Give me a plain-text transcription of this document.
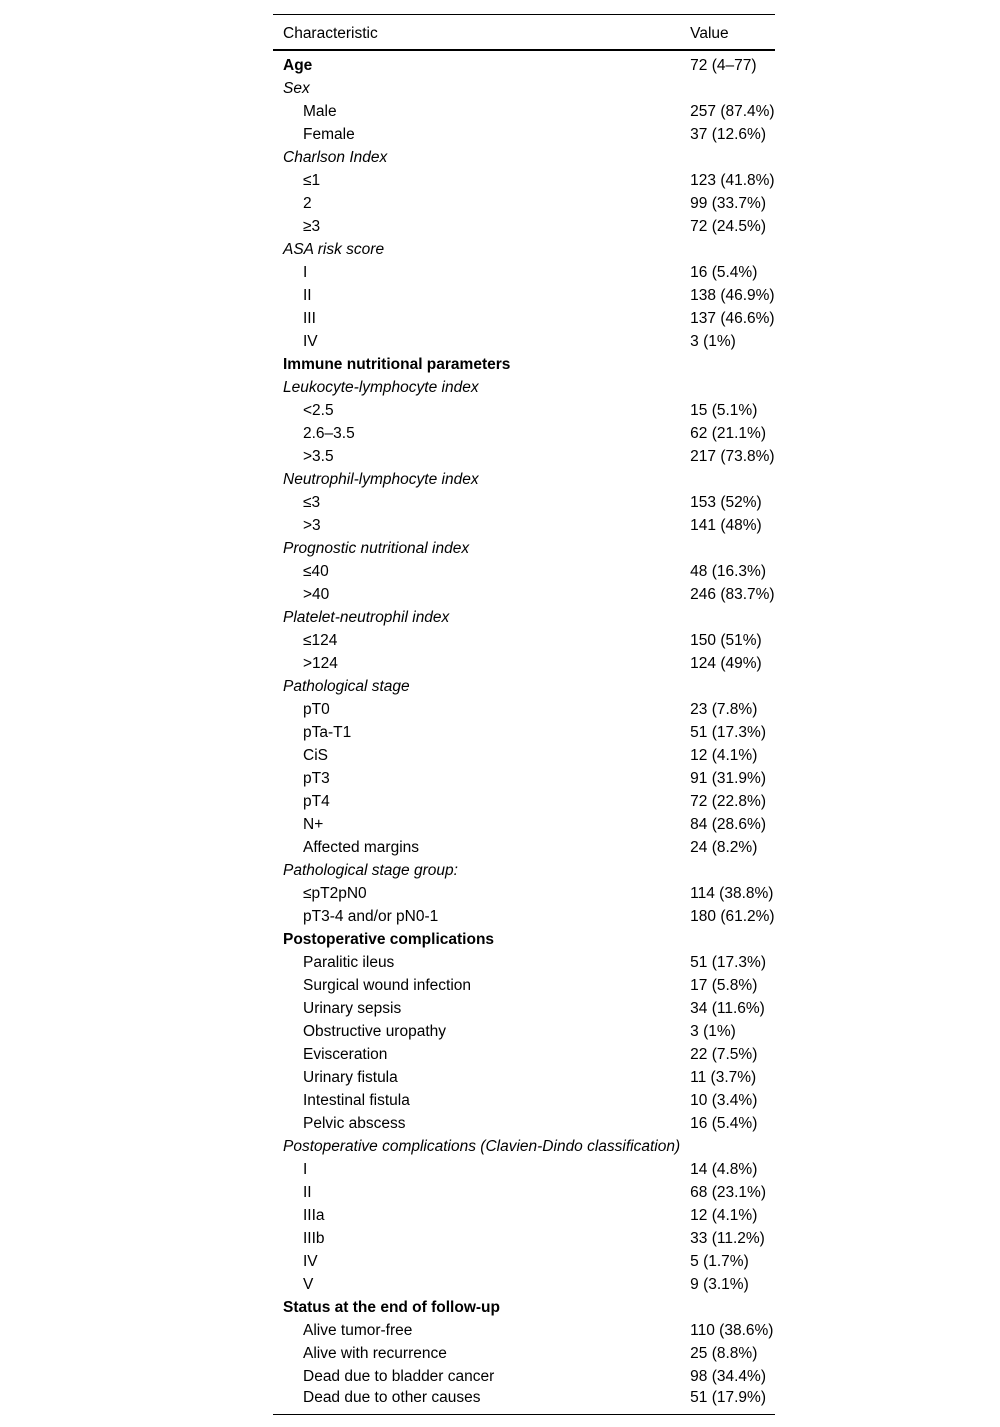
Characteristic	Value
Age	72 (4–77)
Sex	
Male	257 (87.4%)
Female	37 (12.6%)
Charlson Index	
≤1	123 (41.8%)
2	99 (33.7%)
≥3	72 (24.5%)
ASA risk score	
I	16 (5.4%)
II	138 (46.9%)
III	137 (46.6%)
IV	3 (1%)
Immune nutritional parameters	
Leukocyte-lymphocyte index	
<2.5	15 (5.1%)
2.6–3.5	62 (21.1%)
>3.5	217 (73.8%)
Neutrophil-lymphocyte index	
≤3	153 (52%)
>3	141 (48%)
Prognostic nutritional index	
≤40	48 (16.3%)
>40	246 (83.7%)
Platelet-neutrophil index	
≤124	150 (51%)
>124	124 (49%)
Pathological stage	
pT0	23 (7.8%)
pTa-T1	51 (17.3%)
CiS	12 (4.1%)
pT3	91 (31.9%)
pT4	72 (22.8%)
N+	84 (28.6%)
Affected margins	24 (8.2%)
Pathological stage group:	
≤pT2pN0	114 (38.8%)
pT3-4 and/or pN0-1	180 (61.2%)
Postoperative complications	
Paralitic ileus	51 (17.3%)
Surgical wound infection	17 (5.8%)
Urinary sepsis	34 (11.6%)
Obstructive uropathy	3 (1%)
Evisceration	22 (7.5%)
Urinary fistula	11 (3.7%)
Intestinal fistula	10 (3.4%)
Pelvic abscess	16 (5.4%)
Postoperative complications (Clavien-Dindo classification)	
I	14 (4.8%)
II	68 (23.1%)
IIIa	12 (4.1%)
IIIb	33 (11.2%)
IV	5 (1.7%)
V	9 (3.1%)
Status at the end of follow-up	
Alive tumor-free	110 (38.6%)
Alive with recurrence	25 (8.8%)
Dead due to bladder cancer	98 (34.4%)
Dead due to other causes	51 (17.9%)
